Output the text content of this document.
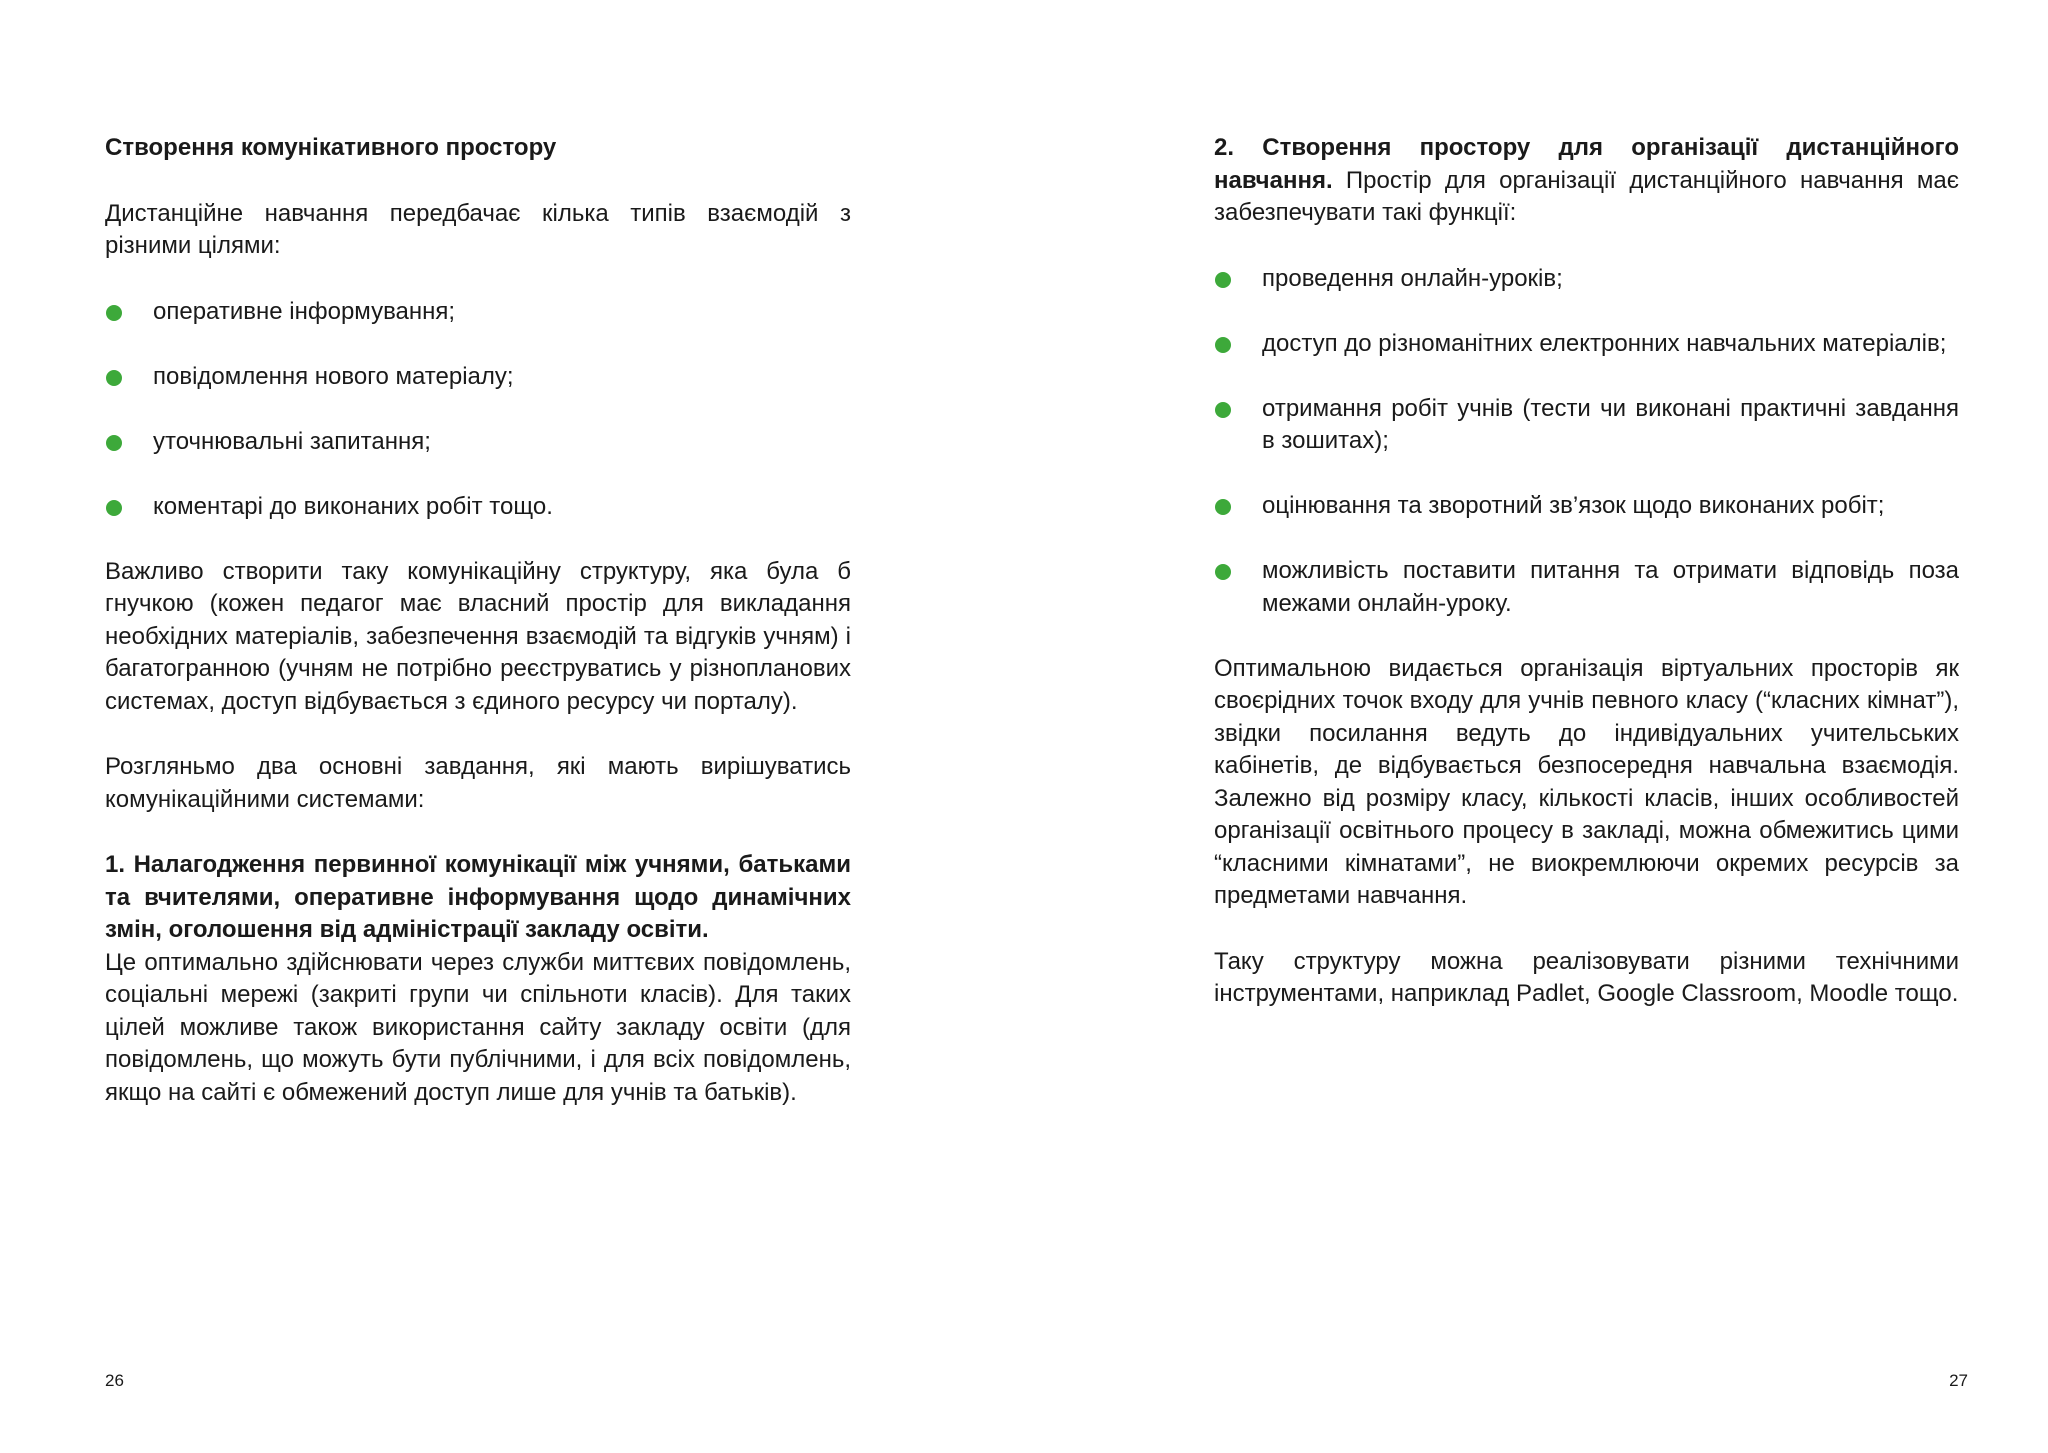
Створення комунікативного простору

Дистанційне навчання передбачає кілька типів взаємодій з різними цілями:

оперативне інформування;
повідомлення нового матеріалу;
уточнювальні запитання;
коментарі до виконаних робіт тощо.

Важливо створити таку комунікаційну структуру, яка була б гнучкою (кожен педагог має власний простір для викладання необхідних матеріалів, забезпечення взаємодій та відгуків учням) і багатогранною (учням не потрібно реєструватись у різнопланових системах, доступ відбувається з єдиного ресурсу чи порталу).

Розгляньмо два основні завдання, які мають вирішуватись комунікаційними системами:

1. Налагодження первинної комунікації між учнями, батьками та вчителями, оперативне інформування щодо динамічних змін, оголошення від адміністрації закладу освіти.
Це оптимально здійснювати через служби миттєвих повідомлень, соціальні мережі (закриті групи чи спільноти класів). Для таких цілей можливе також використання сайту закладу освіти (для повідомлень, що можуть бути публічними, і для всіх повідомлень, якщо на сайті є обмежений доступ лише для учнів та батьків).

26

2. Створення простору для організації дистанційного навчання. Простір для організації дистанційного навчання має забезпечувати такі функції:

проведення онлайн-уроків;
доступ до різноманітних електронних навчальних матеріалів;
отримання робіт учнів (тести чи виконані практичні завдання в зошитах);
оцінювання та зворотний зв’язок щодо виконаних робіт;
можливість поставити питання та отримати відповідь поза межами онлайн-уроку.

Оптимальною видається організація віртуальних просторів як своєрідних точок входу для учнів певного класу (“класних кімнат”), звідки посилання ведуть до індивідуальних учительських кабінетів, де відбувається безпосередня навчальна взаємодія. Залежно від розміру класу, кількості класів, інших особливостей організації освітнього процесу в закладі, можна обмежитись цими “класними кімнатами”, не виокремлюючи окремих ресурсів за предметами навчання.

Таку структуру можна реалізовувати різними технічними інструментами, наприклад Padlet, Google Classroom, Moodle тощо.

27
